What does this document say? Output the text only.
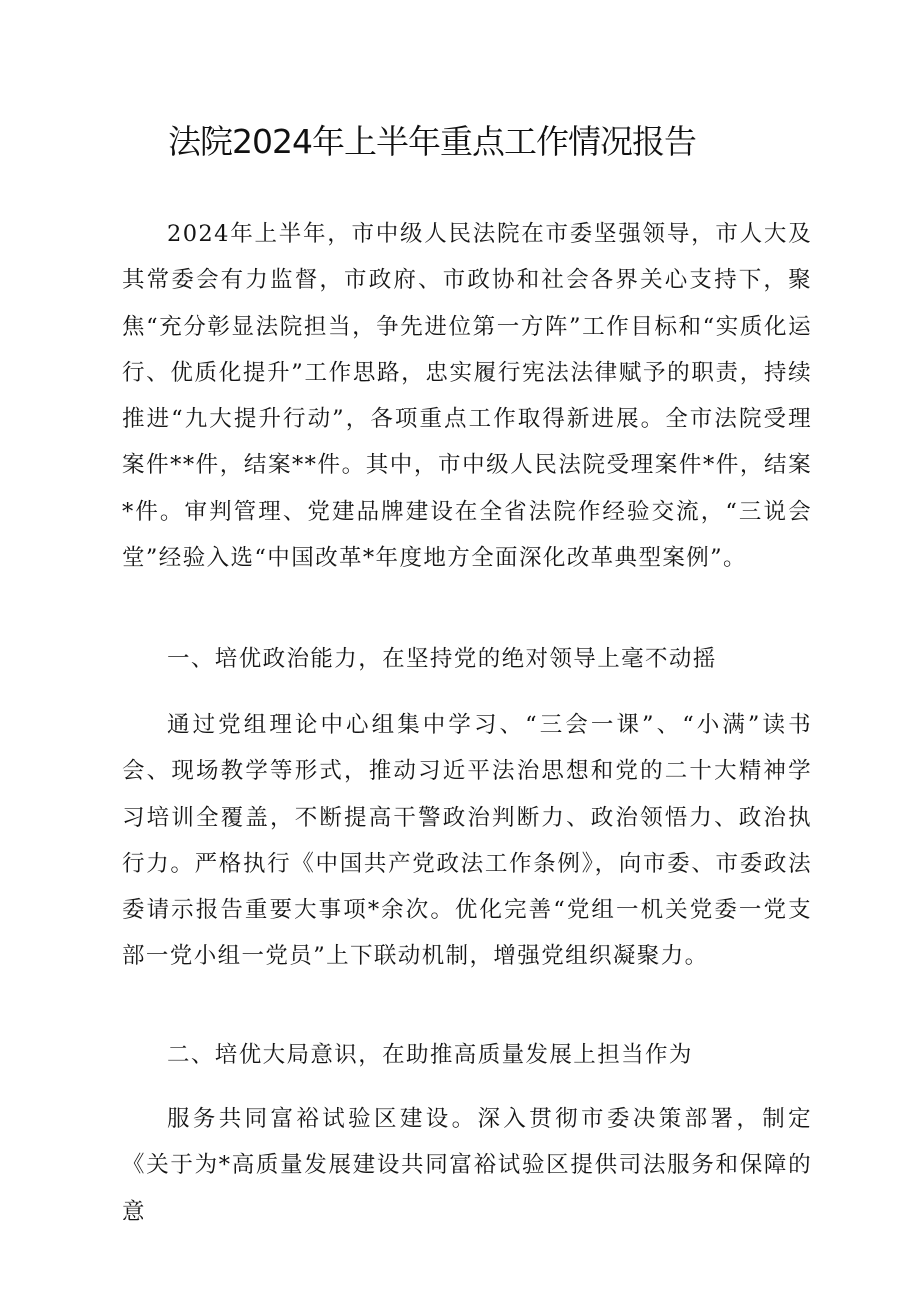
法院2024年上半年重点工作情况报告

2024年上半年，市中级人民法院在市委坚强领导，市人大及其常委会有力监督，市政府、市政协和社会各界关心支持下，聚焦“充分彰显法院担当，争先进位第一方阵”工作目标和“实质化运行、优质化提升”工作思路，忠实履行宪法法律赋予的职责，持续推进“九大提升行动”，各项重点工作取得新进展。全市法院受理案件**件，结案**件。其中，市中级人民法院受理案件*件，结案*件。审判管理、党建品牌建设在全省法院作经验交流，“三说会堂”经验入选“中国改革*年度地方全面深化改革典型案例”。

一、培优政治能力，在坚持党的绝对领导上毫不动摇

通过党组理论中心组集中学习、“三会一课”、“小满”读书会、现场教学等形式，推动习近平法治思想和党的二十大精神学习培训全覆盖，不断提高干警政治判断力、政治领悟力、政治执行力。严格执行《中国共产党政法工作条例》，向市委、市委政法委请示报告重要大事项*余次。优化完善“党组一机关党委一党支部一党小组一党员”上下联动机制，增强党组织凝聚力。

二、培优大局意识，在助推高质量发展上担当作为

服务共同富裕试验区建设。深入贯彻市委决策部署，制定《关于为*高质量发展建设共同富裕试验区提供司法服务和保障的意
